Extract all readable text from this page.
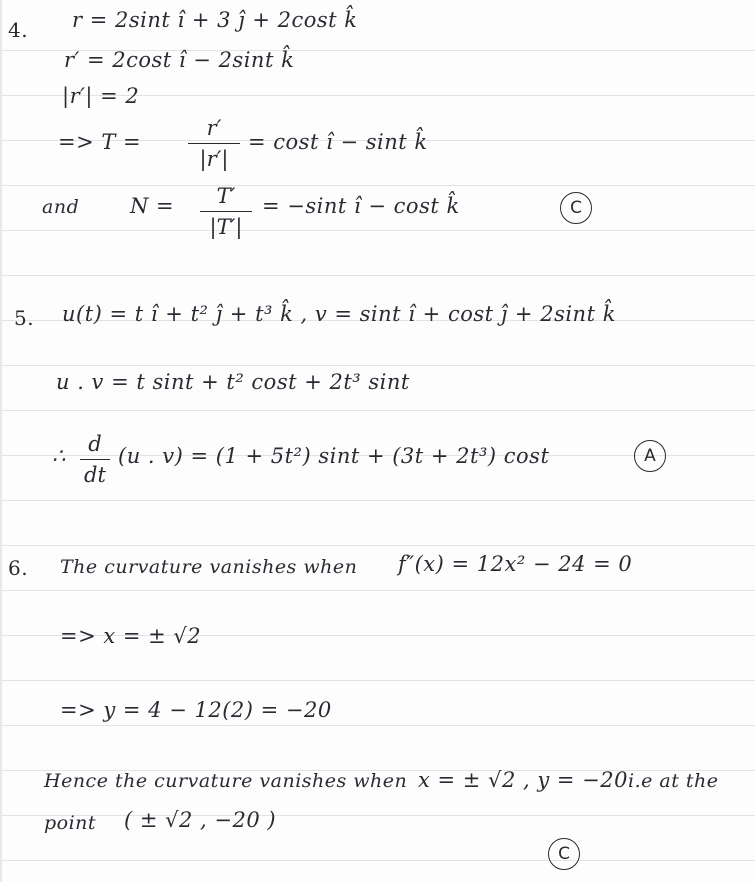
4. r = 2sint î + 3 ĵ + 2cost k̂
r′ = 2cost î − 2sint k̂
|r′| = 2
=> T =
r′
|r′|
= cost î − sint k̂
and N =	T′
|T′|
= −sint î − cost k̂	C
5. u(t) = t î + t² ĵ + t³ k̂ , v = sint î + cost ĵ + 2sint k̂
u . v = t sint + t² cost + 2t³ sint
∴	d
dt
(u . v) = (1 + 5t²) sint + (3t + 2t³) cost	A
6. The curvature vanishes when f″(x) = 12x² − 24 = 0
=> x = ± √2
=> y = 4 − 12(2) = −20
Hence the curvature vanishes when x = ± √2 , y = −20 i.e at the
point ( ± √2 , −20 )
C
